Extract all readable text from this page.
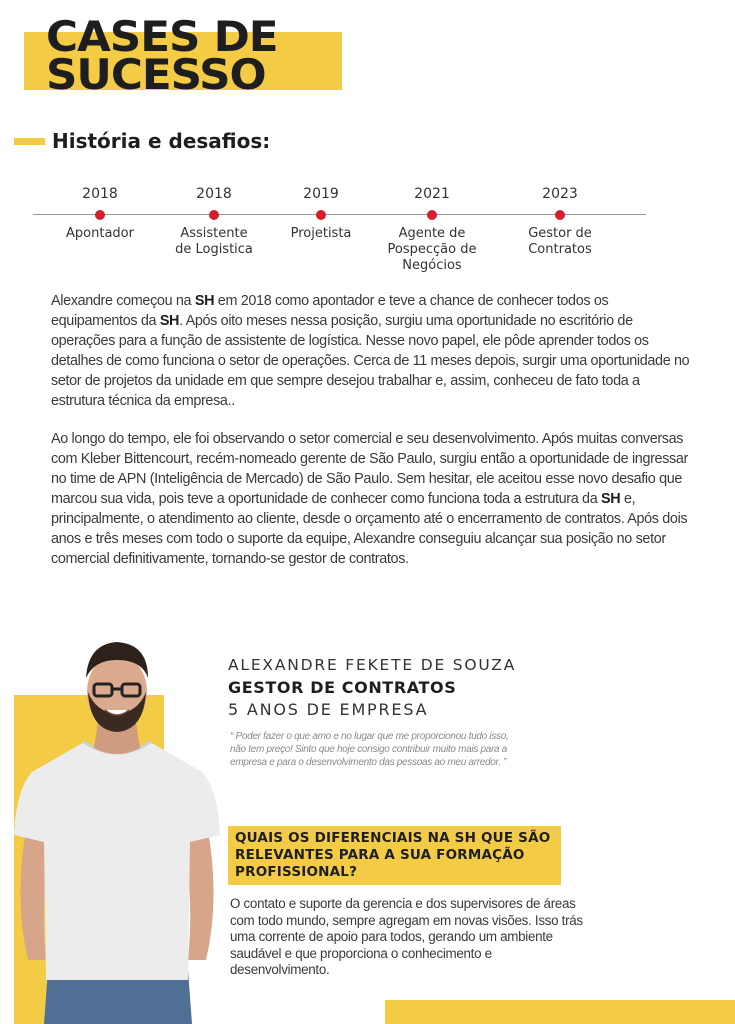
CASES DE
SUCESSO
História e desafios:
2018
Apontador
2018
Assistente
de Logistica
2019
Projetista
2021
Agente de
Pospecção de
Negócios
2023
Gestor de
Contratos

Alexandre começou na SH em 2018 como apontador e teve a chance de conhecer todos os equipamentos da SH. Após oito meses nessa posição, surgiu uma oportunidade no escritório de operações para a função de assistente de logística. Nesse novo papel, ele pôde aprender todos os detalhes de como funciona o setor de operações. Cerca de 11 meses depois, surgir uma oportunidade no setor de projetos da unidade em que sempre desejou trabalhar e, assim, conheceu de fato toda a estrutura técnica da empresa..

Ao longo do tempo, ele foi observando o setor comercial e seu desenvolvimento. Após muitas conversas com Kleber Bittencourt, recém-nomeado gerente de São Paulo, surgiu então a oportunidade de ingressar no time de APN (Inteligência de Mercado) de São Paulo. Sem hesitar, ele aceitou esse novo desafio que marcou sua vida, pois teve a oportunidade de conhecer como funciona toda a estrutura da SH e, principalmente, o atendimento ao cliente, desde o orçamento até o encerramento de contratos. Após dois anos e três meses com todo o suporte da equipe, Alexandre conseguiu alcançar sua posição no setor comercial definitivamente, tornando-se gestor de contratos.

ALEXANDRE FEKETE DE SOUZA

GESTOR DE CONTRATOS

5 ANOS DE EMPRESA

“ Poder fazer o que amo e no lugar que me proporcionou tudo isso, não tem preço! Sinto que hoje consigo contribuir muito mais para a empresa e para o desenvolvimento das pessoas ao meu arredor. ”

QUAIS OS DIFERENCIAIS NA SH QUE SÃO RELEVANTES PARA A SUA FORMAÇÃO PROFISSIONAL?

O contato e suporte da gerencia e dos supervisores de áreas com todo mundo, sempre agregam em novas visões. Isso trás uma corrente de apoio para todos, gerando um ambiente saudável e que proporciona o conhecimento e desenvolvimento.
